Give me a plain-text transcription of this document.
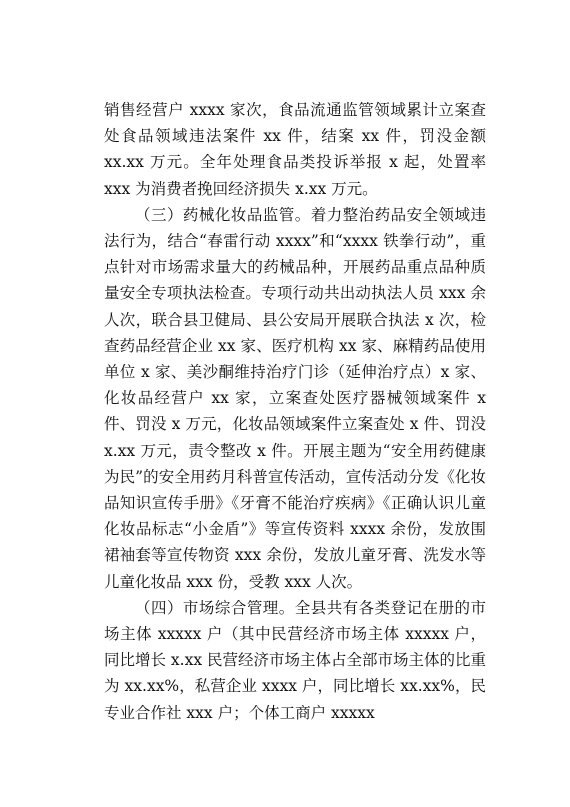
销售经营户 xxxx 家次，食品流通监管领域累计立案查处食品领域违法案件 xx 件，结案 xx 件，罚没金额 xx.xx 万元。全年处理食品类投诉举报 x 起，处置率 xxx 为消费者挽回经济损失 x.xx 万元。

（三）药械化妆品监管。着力整治药品安全领域违法行为，结合“春雷行动 xxxx”和“xxxx 铁拳行动”，重点针对市场需求量大的药械品种，开展药品重点品种质量安全专项执法检查。专项行动共出动执法人员 xxx 余人次，联合县卫健局、县公安局开展联合执法 x 次，检查药品经营企业 xx 家、医疗机构 xx 家、麻精药品使用单位 x 家、美沙酮维持治疗门诊（延伸治疗点）x 家、化妆品经营户 xx 家，立案查处医疗器械领域案件 x 件、罚没 x 万元，化妆品领域案件立案查处 x 件、罚没 x.xx 万元，责令整改 x 件。开展主题为“安全用药健康为民”的安全用药月科普宣传活动，宣传活动分发《化妆品知识宣传手册》《牙膏不能治疗疾病》《正确认识儿童化妆品标志“小金盾”》等宣传资料 xxxx 余份，发放围裙袖套等宣传物资 xxx 余份，发放儿童牙膏、洗发水等儿童化妆品 xxx 份，受教 xxx 人次。

（四）市场综合管理。全县共有各类登记在册的市场主体 xxxxx 户（其中民营经济市场主体 xxxxx 户，同比增长 x.xx 民营经济市场主体占全部市场主体的比重为 xx.xx%，私营企业 xxxx 户，同比增长 xx.xx%，民专业合作社 xxx 户；个体工商户 xxxxx
